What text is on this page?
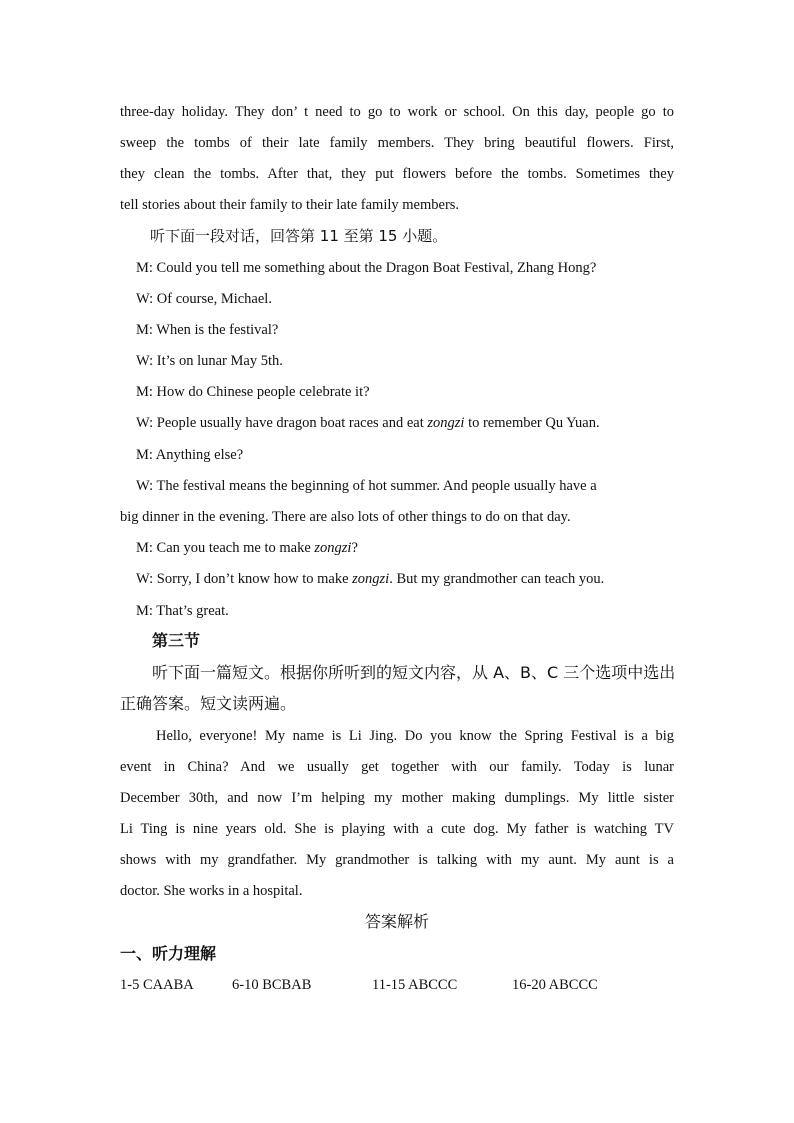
three-day holiday. They don’ t need to go to work or school. On this day, people go to
sweep the tombs of their late family members. They bring beautiful flowers. First,
they clean the tombs. After that, they put flowers before the tombs. Sometimes they
tell stories about their family to their late family members.
听下面一段对话，回答第 11 至第 15 小题。
M: Could you tell me something about the Dragon Boat Festival, Zhang Hong?
W: Of course, Michael.
M: When is the festival?
W: It’s on lunar May 5th.
M: How do Chinese people celebrate it?
W: People usually have dragon boat races and eat zongzi to remember Qu Yuan.
M: Anything else?
W: The festival means the beginning of hot summer. And people usually have a
big dinner in the evening. There are also lots of other things to do on that day.
M: Can you teach me to make zongzi?
W: Sorry, I don’t know how to make zongzi. But my grandmother can teach you.
M: That’s great.
第三节
听下面一篇短文。根据你所听到的短文内容，从 A、B、C 三个选项中选出
正确答案。短文读两遍。
Hello, everyone! My name is Li Jing. Do you know the Spring Festival is a big
event in China? And we usually get together with our family. Today is lunar
December 30th, and now I’m helping my mother making dumplings. My little sister
Li Ting is nine years old. She is playing with a cute dog. My father is watching TV
shows with my grandfather. My grandmother is talking with my aunt. My aunt is a
doctor. She works in a hospital.
答案解析
一、听力理解
1-5 CAABA	6-10 BCBAB	11-15 ABCCC	16-20 ABCCC
